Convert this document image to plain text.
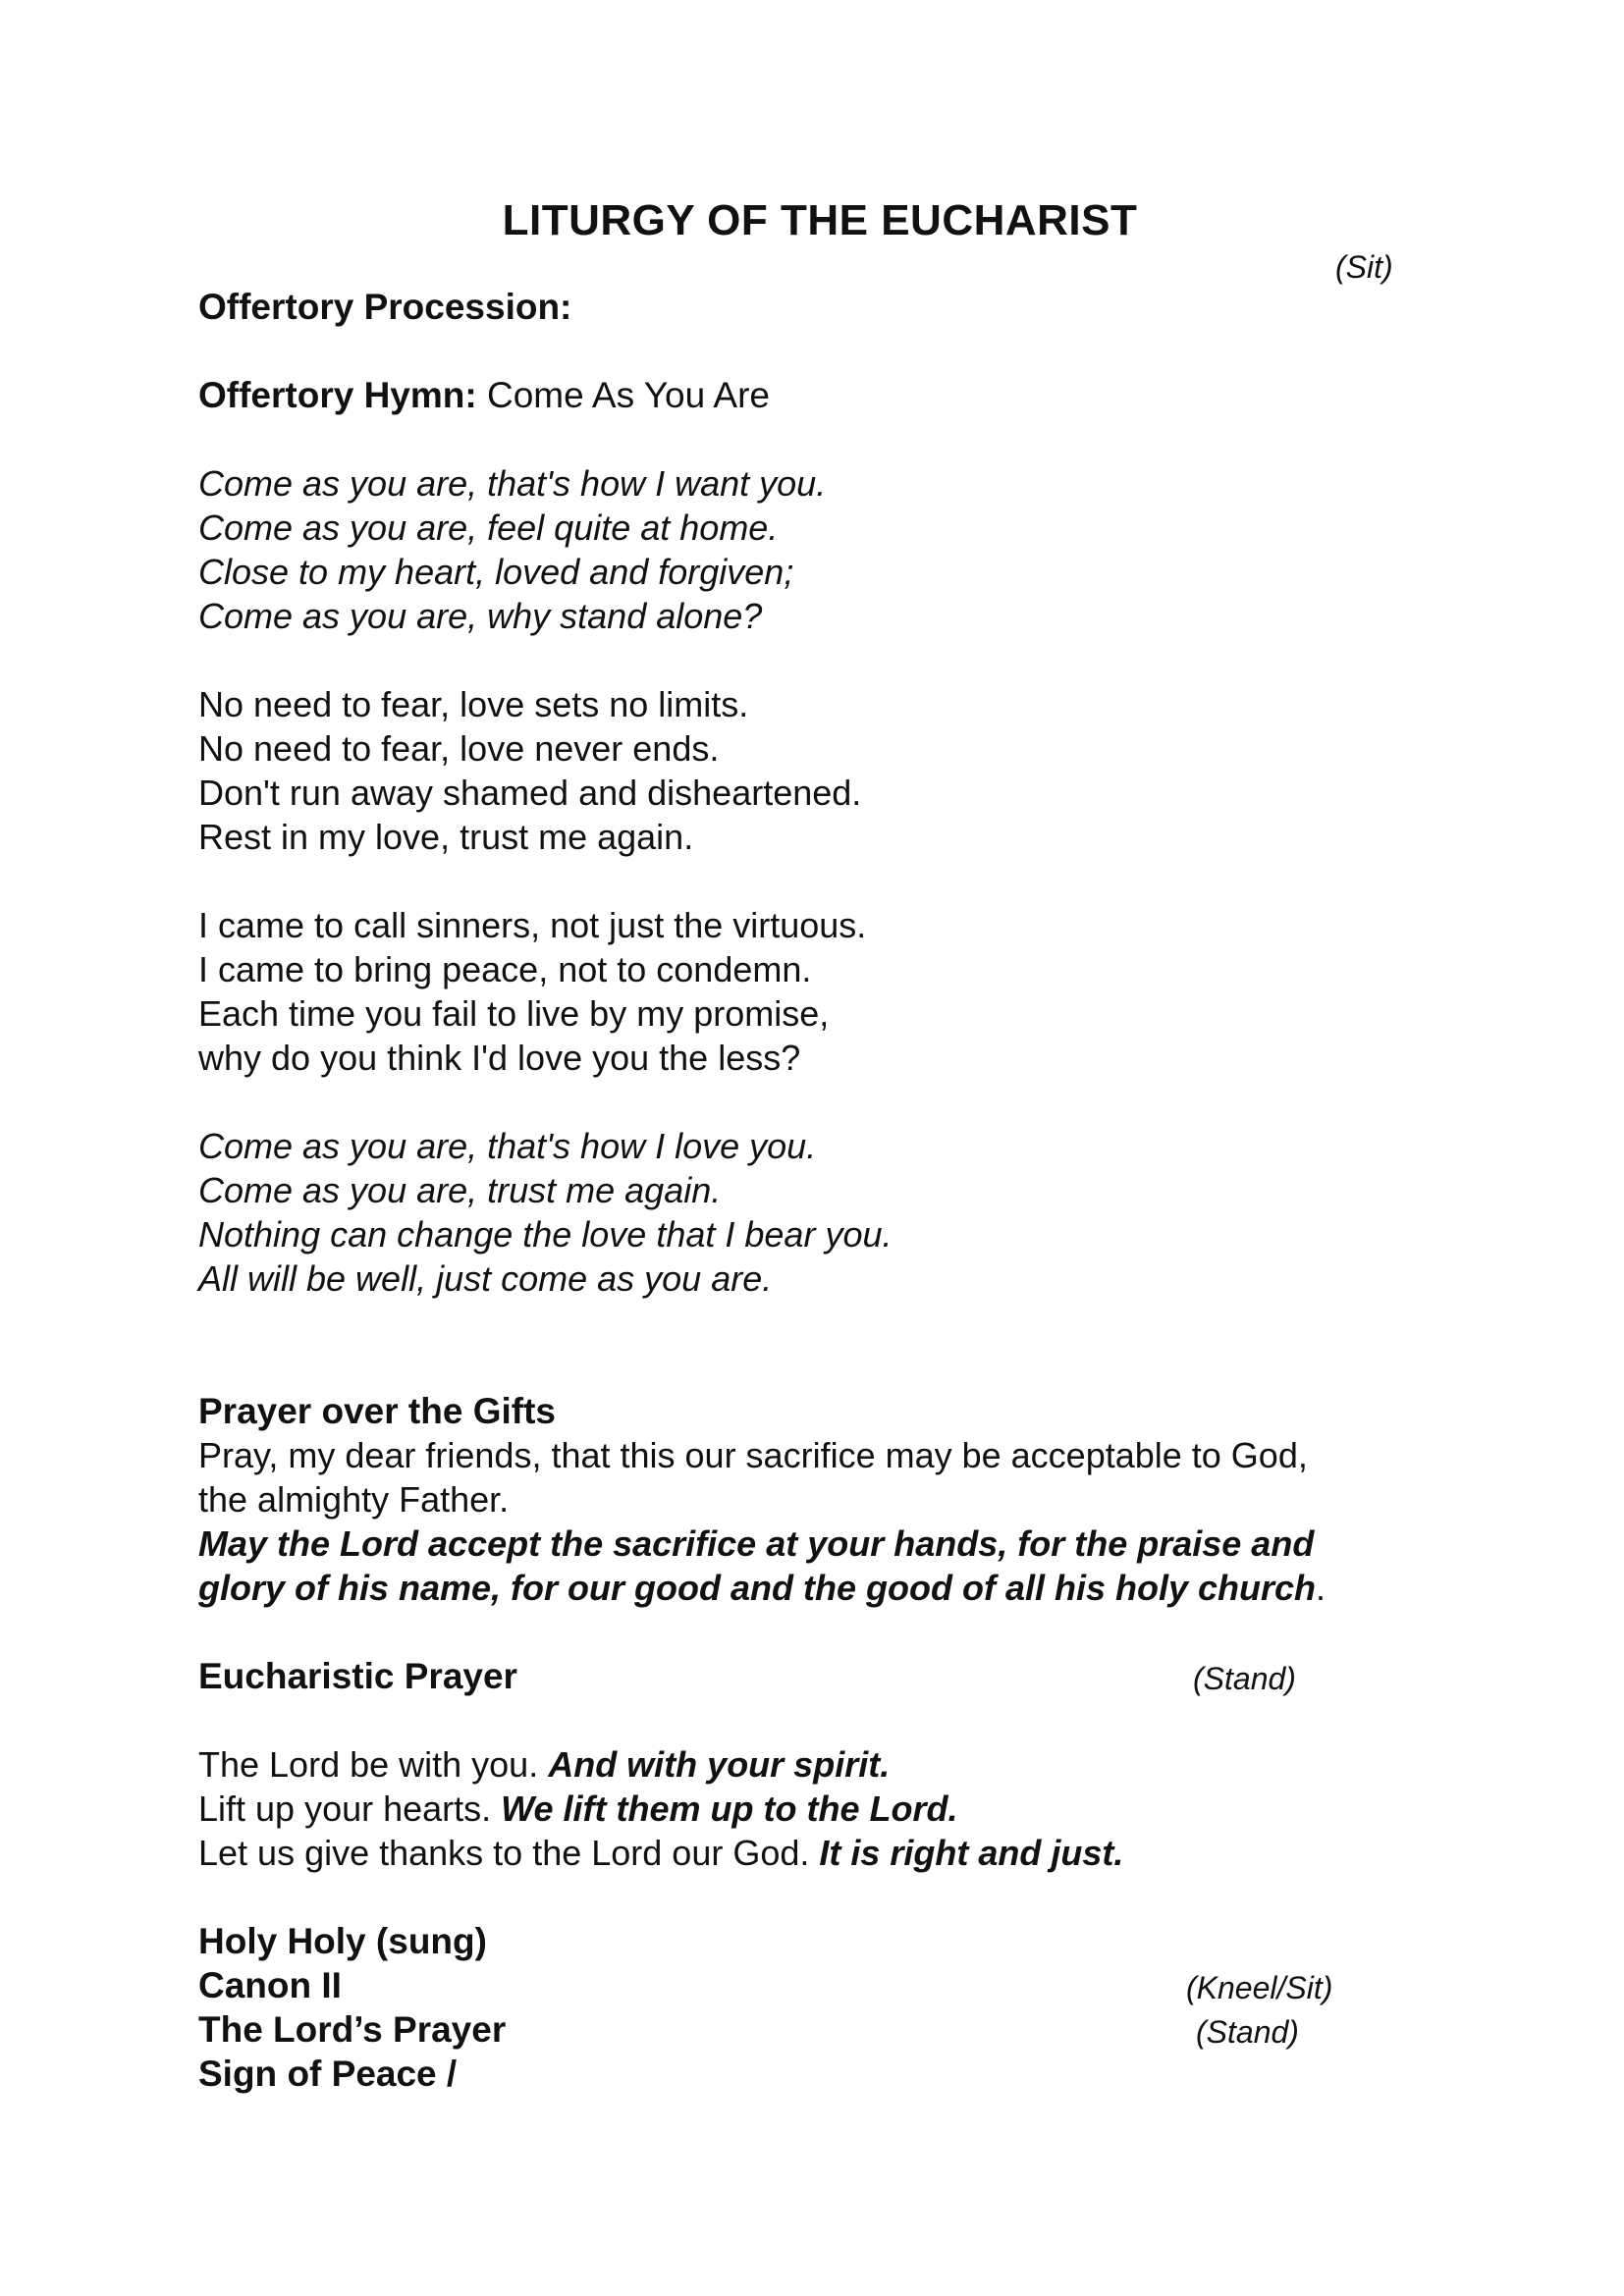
LITURGY OF THE EUCHARIST
(Sit)
Offertory Procession:
Offertory Hymn: Come As You Are
Come as you are, that's how I want you.
Come as you are, feel quite at home.
Close to my heart, loved and forgiven;
Come as you are, why stand alone?
No need to fear, love sets no limits.
No need to fear, love never ends.
Don't run away shamed and disheartened.
Rest in my love, trust me again.
I came to call sinners, not just the virtuous.
I came to bring peace, not to condemn.
Each time you fail to live by my promise,
why do you think I'd love you the less?
Come as you are, that's how I love you.
Come as you are, trust me again.
Nothing can change the love that I bear you.
All will be well, just come as you are.
Prayer over the Gifts
Pray, my dear friends, that this our sacrifice may be acceptable to God,
the almighty Father.
May the Lord accept the sacrifice at your hands, for the praise and
glory of his name, for our good and the good of all his holy church.
Eucharistic Prayer	(Stand)
The Lord be with you. And with your spirit.
Lift up your hearts. We lift them up to the Lord.
Let us give thanks to the Lord our God. It is right and just.
Holy Holy (sung)
Canon II	(Kneel/Sit)
The Lord’s Prayer	(Stand)
Sign of Peace /
